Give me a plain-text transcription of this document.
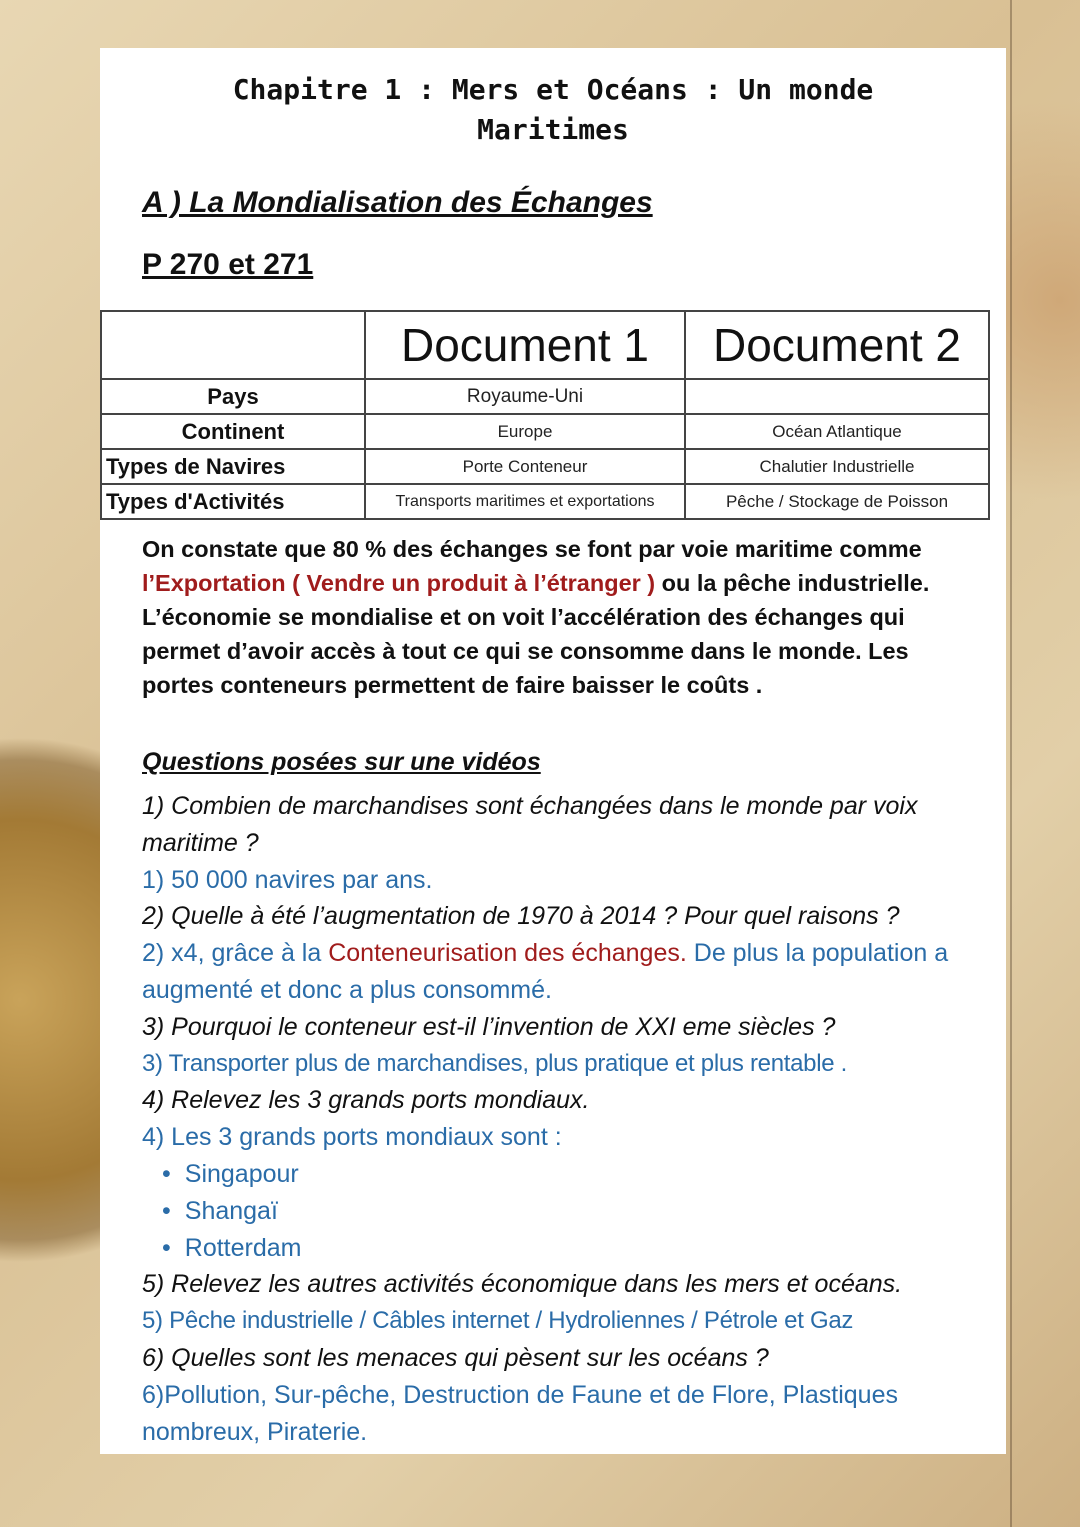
Chapitre 1 : Mers et Océans : Un monde
Maritimes
A ) La Mondialisation des Échanges
P 270 et 271
	Document 1	Document 2
Pays	Royaume-Uni	
Continent	Europe	Océan Atlantique
Types de Navires	Porte Conteneur	Chalutier Industrielle
Types d'Activités	Transports maritimes et exportations	Pêche / Stockage de Poisson
On constate que 80 % des échanges se font par voie maritime comme l’Exportation ( Vendre un produit à l’étranger ) ou la pêche industrielle. L’économie se mondialise et on voit l’accélération des échanges qui permet d’avoir accès à tout ce qui se consomme dans le monde. Les portes conteneurs permettent de faire baisser le coûts .
Questions posées sur une vidéos
1) Combien de marchandises sont échangées dans le monde par voix maritime ?
1) 50 000 navires par ans.
2) Quelle à été l’augmentation de 1970 à 2014 ? Pour quel raisons ?
2) x4, grâce à la Conteneurisation des échanges. De plus la population a augmenté et donc a plus consommé.
3) Pourquoi le conteneur est-il l’invention de XXI eme siècles ?
3) Transporter plus de marchandises, plus pratique et plus rentable .
4) Relevez les 3 grands ports mondiaux.
4) Les 3 grands ports mondiaux sont :
• Singapour
• Shangaï
• Rotterdam
5) Relevez les autres activités économique dans les mers et océans.
5) Pêche industrielle / Câbles internet / Hydroliennes / Pétrole et Gaz
6) Quelles sont les menaces qui pèsent sur les océans ?
6)Pollution, Sur-pêche, Destruction de Faune et de Flore, Plastiques nombreux, Piraterie.
